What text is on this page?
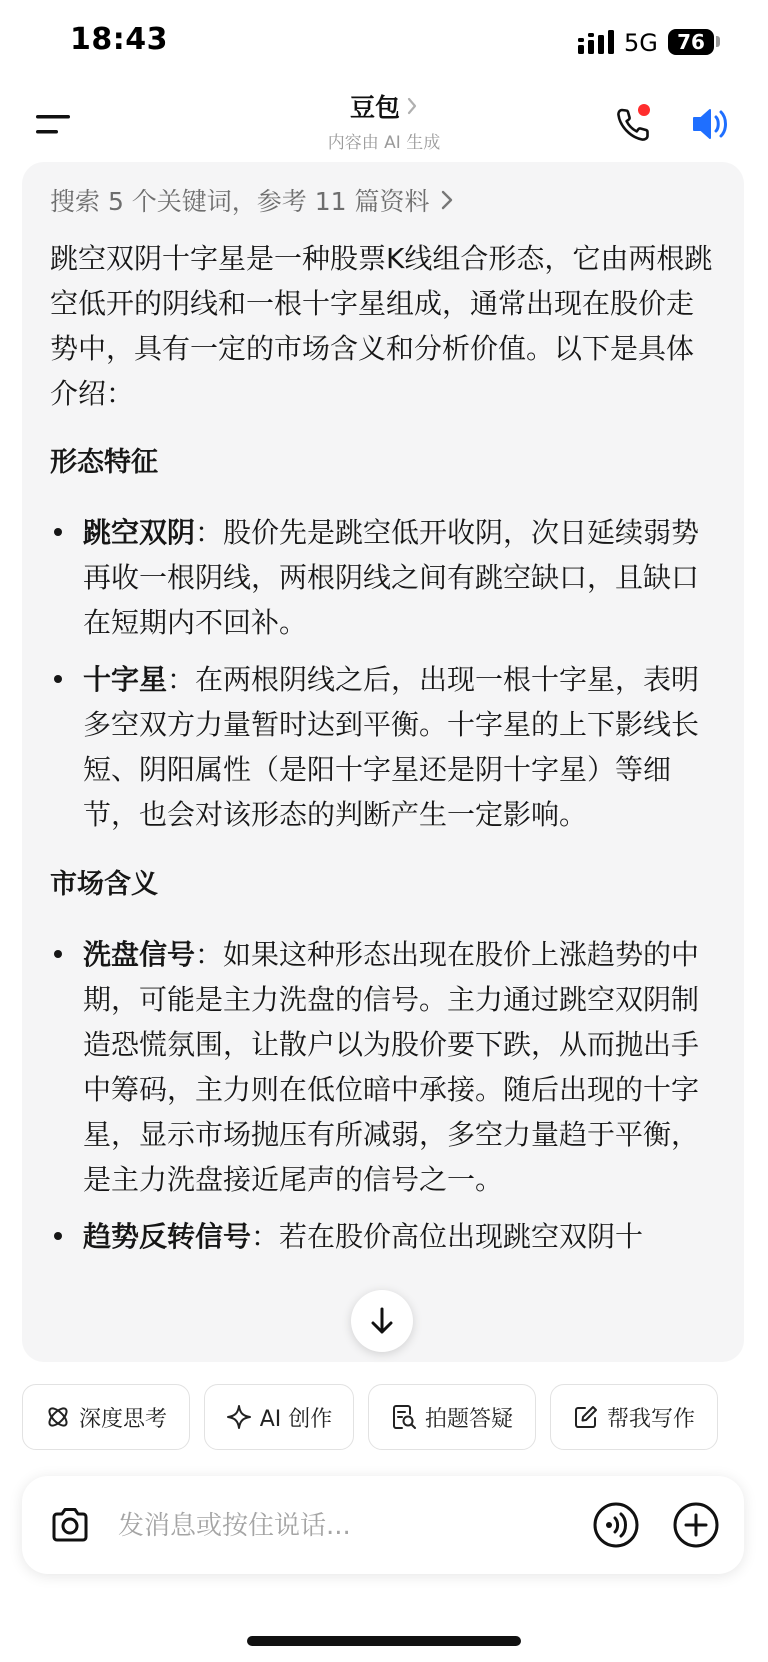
18:43	5G 76
豆包
内容由 AI 生成
搜索 5 个关键词，参考 11 篇资料

跳空双阴十字星是一种股票K线组合形态，它由两根跳空低开的阴线和一根十字星组成，通常出现在股价走势中，具有一定的市场含义和分析价值。以下是具体介绍：

形态特征
跳空双阴：股价先是跳空低开收阴，次日延续弱势再收一根阴线，两根阴线之间有跳空缺口，且缺口在短期内不回补。
十字星：在两根阴线之后，出现一根十字星，表明多空双方力量暂时达到平衡。十字星的上下影线长短、阴阳属性（是阳十字星还是阴十字星）等细节，也会对该形态的判断产生一定影响。
市场含义
洗盘信号：如果这种形态出现在股价上涨趋势的中期，可能是主力洗盘的信号。主力通过跳空双阴制造恐慌氛围，让散户以为股价要下跌，从而抛出手中筹码，主力则在低位暗中承接。随后出现的十字星，显示市场抛压有所减弱，多空力量趋于平衡，是主力洗盘接近尾声的信号之一。
趋势反转信号：若在股价高位出现跳空双阴十
深度思考	AI 创作	拍题答疑	帮我写作
发消息或按住说话...
